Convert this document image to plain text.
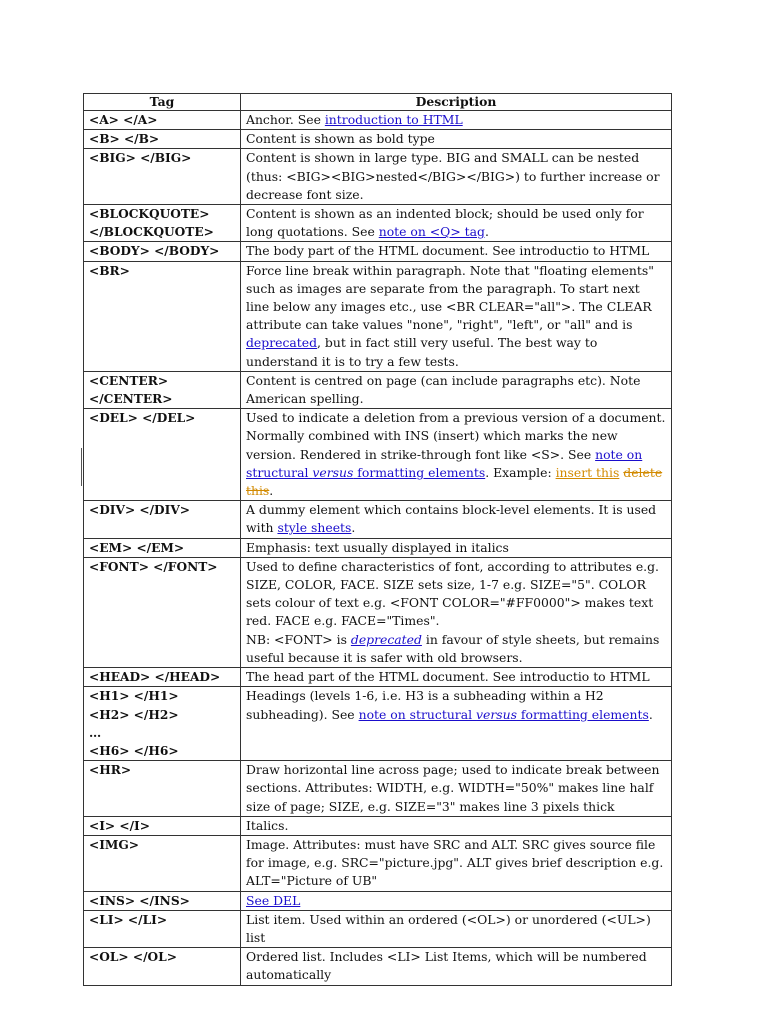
Tag	Description
<A> </A>	Anchor. See introduction to HTML
<B> </B>	Content is shown as bold type
<BIG> </BIG>	Content is shown in large type. BIG and SMALL can be nested (thus: <BIG><BIG>nested</BIG></BIG>) to further increase or decrease font size.

<BLOCKQUOTE>
</BLOCKQUOTE>	Content is shown as an indented block; should be used only for long quotations. See note on <Q> tag.
<BODY> </BODY>	The body part of the HTML document. See introductio to HTML
<BR>	Force line break within paragraph. Note that "floating elements" such as images are separate from the paragraph. To start next line below any images etc., use <BR CLEAR="all">. The CLEAR attribute can take values "none", "right", "left", or "all" and is deprecated, but in fact still very useful. The best way to understand it is to try a few tests.

<CENTER>
</CENTER>	Content is centred on page (can include paragraphs etc). Note American spelling.
<DEL> </DEL>	Used to indicate a deletion from a previous version of a document. Normally combined with INS (insert) which marks the new version. Rendered in strike-through font like <S>. See note on structural versus formatting elements. Example: insert this delete this.
<DIV> </DIV>	A dummy element which contains block-level elements. It is used with style sheets.
<EM> </EM>	Emphasis: text usually displayed in italics
<FONT> </FONT>	Used to define characteristics of font, according to attributes e.g. SIZE, COLOR, FACE. SIZE sets size, 1-7 e.g. SIZE="5". COLOR sets colour of text e.g. <FONT COLOR="#FF0000"> makes text red. FACE e.g. FACE="Times".
NB: <FONT> is deprecated in favour of style sheets, but remains useful because it is safer with old browsers.
<HEAD> </HEAD>	The head part of the HTML document. See introductio to HTML

<H1> </H1>
<H2> </H2>
…
<H6> </H6>	Headings (levels 1-6, i.e. H3 is a subheading within a H2 subheading). See note on structural versus formatting elements.
<HR>	Draw horizontal line across page; used to indicate break between sections. Attributes: WIDTH, e.g. WIDTH="50%" makes line half size of page; SIZE, e.g. SIZE="3" makes line 3 pixels thick
<I> </I>	Italics.
<IMG>	Image. Attributes: must have SRC and ALT. SRC gives source file for image, e.g. SRC="picture.jpg". ALT gives brief description e.g. ALT="Picture of UB"
<INS> </INS>	See DEL
<LI> </LI>	List item. Used within an ordered (<OL>) or unordered (<UL>) list
<OL> </OL>	Ordered list. Includes <LI> List Items, which will be numbered automatically
